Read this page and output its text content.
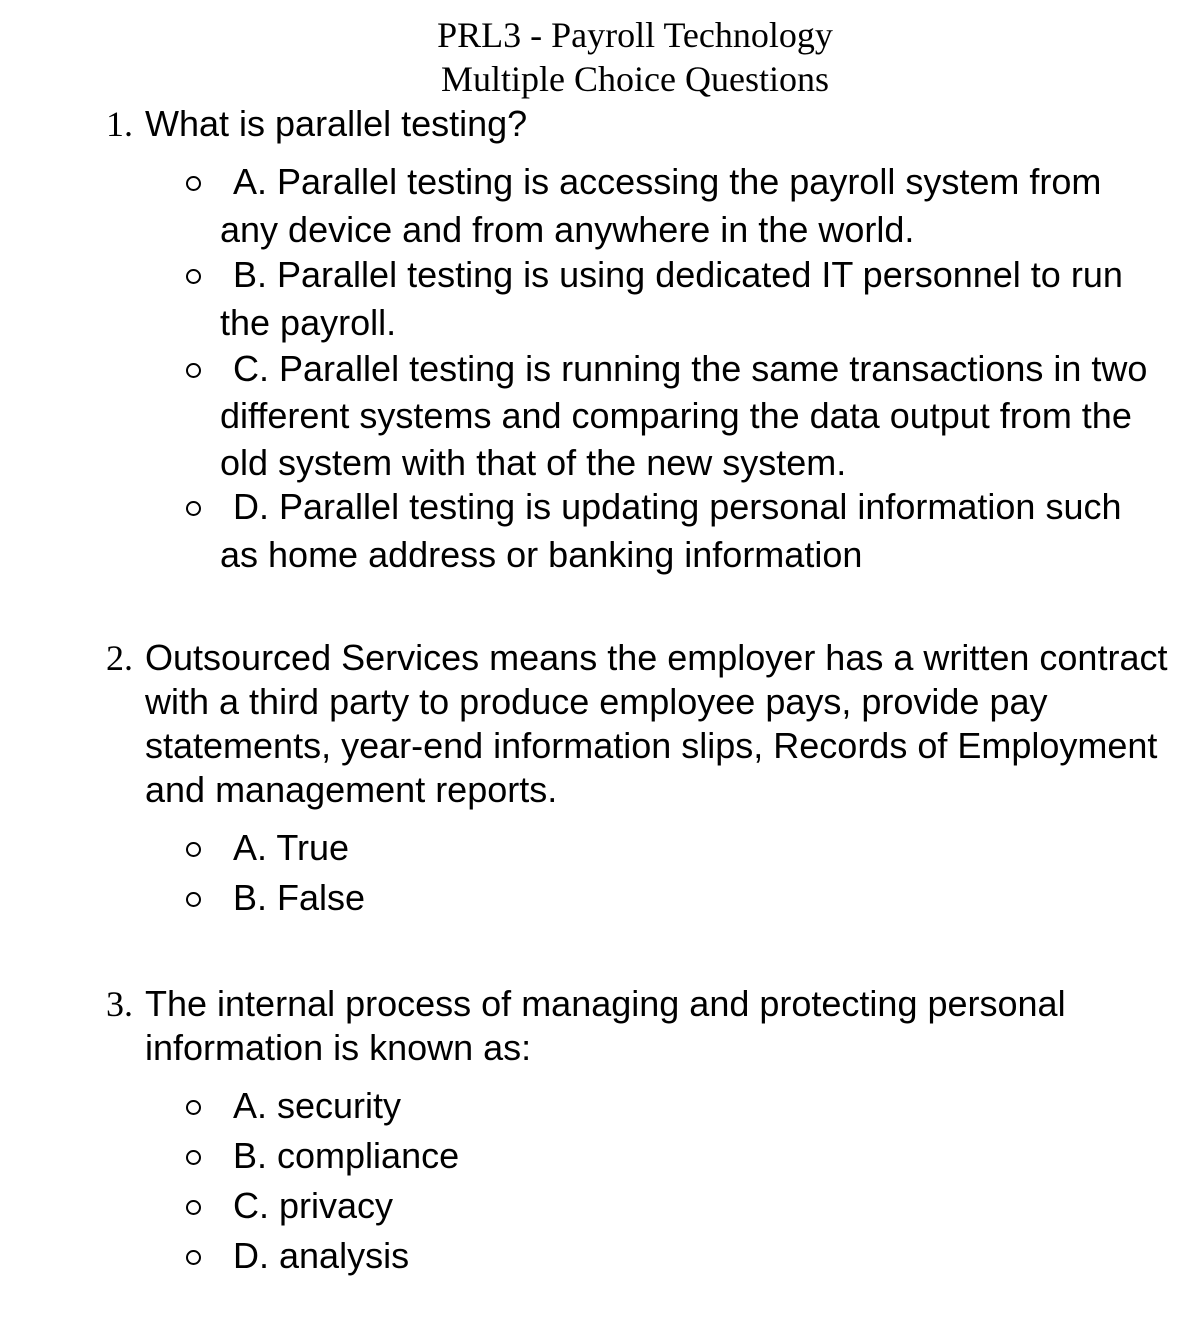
PRL3 - Payroll Technology
Multiple Choice Questions
1. What is parallel testing?
A. Parallel testing is accessing the payroll system from any device and from anywhere in the world.
B. Parallel testing is using dedicated IT personnel to run the payroll.
C. Parallel testing is running the same transactions in two different systems and comparing the data output from the old system with that of the new system.
D. Parallel testing is updating personal information such as home address or banking information
2. Outsourced Services means the employer has a written contract with a third party to produce employee pays, provide pay statements, year-end information slips, Records of Employment and management reports.
A. True
B. False
3. The internal process of managing and protecting personal information is known as:
A. security
B. compliance
C. privacy
D. analysis
